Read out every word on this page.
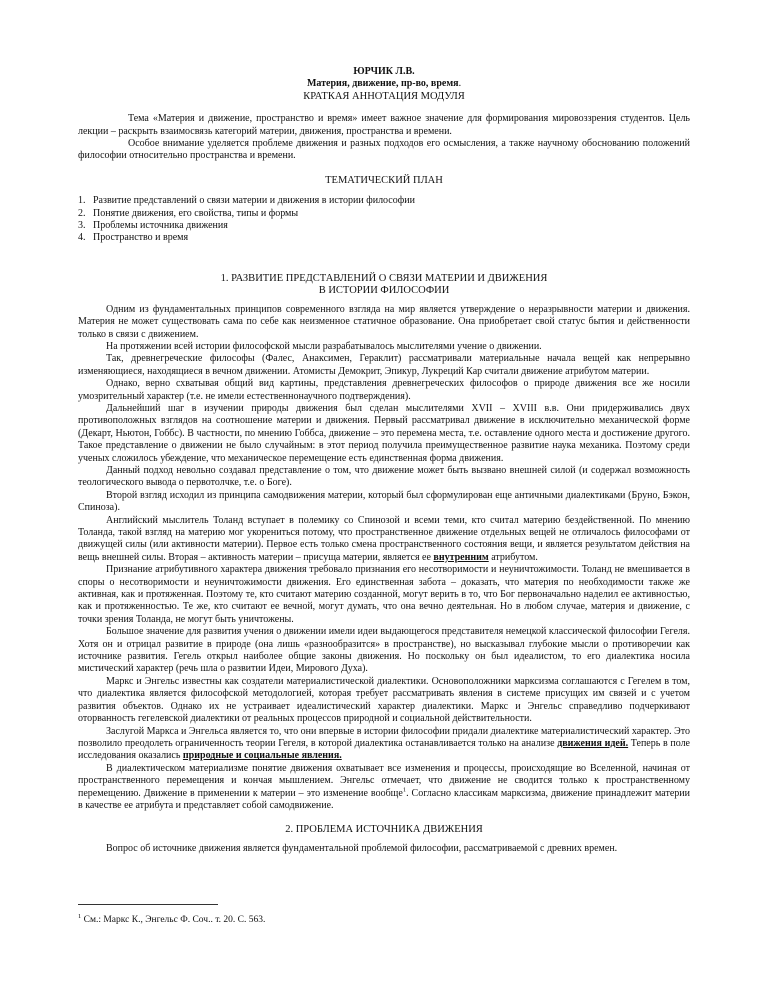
ЮРЧИК Л.В.
Материя, движение, пр-во, время.
КРАТКАЯ АННОТАЦИЯ МОДУЛЯ

Тема «Материя и движение, пространство и время» имеет важное значение для формирования мировоззрения студентов. Цель лекции – раскрыть взаимосвязь категорий материи, движения, пространства и времени.

Особое внимание уделяется проблеме движения и разных подходов его осмысления, а также научному обоснованию положений философии относительно пространства и времени.

ТЕМАТИЧЕСКИЙ ПЛАН
1. Развитие представлений о связи материи и движения в истории философии
2. Понятие движения, его свойства, типы и формы
3. Проблемы источника движения
4. Пространство и время
1. РАЗВИТИЕ ПРЕДСТАВЛЕНИЙ О СВЯЗИ МАТЕРИИ И ДВИЖЕНИЯ
В ИСТОРИИ ФИЛОСОФИИ

Одним из фундаментальных принципов современного взгляда на мир является утверждение о неразрывности материи и движения. Материя не может существовать сама по себе как неизменное статичное образование. Она приобретает свой статус бытия и действенности только в связи с движением.

На протяжении всей истории философской мысли разрабатывалось мыслителями учение о движении.

Так, древнегреческие философы (Фалес, Анаксимен, Гераклит) рассматривали материальные начала вещей как непрерывно изменяющиеся, находящиеся в вечном движении. Атомисты Демокрит, Эпикур, Лукреций Кар считали движение атрибутом материи.

Однако, верно схватывая общий вид картины, представления древнегреческих философов о природе движения все же носили умозрительный характер (т.е. не имели естественнонаучного подтверждения).

Дальнейший шаг в изучении природы движения был сделан мыслителями XVII – XVIII в.в. Они придерживались двух противоположных взглядов на соотношение материи и движения. Первый рассматривал движение в исключительно механической форме (Декарт, Ньютон, Гоббс). В частности, по мнению Гоббса, движение – это перемена места, т.е. оставление одного места и достижение другого. Такое представление о движении не было случайным: в этот период получила преимущественное развитие наука механика. Поэтому среди ученых сложилось убеждение, что механическое перемещение есть единственная форма движения.

Данный подход невольно создавал представление о том, что движение может быть вызвано внешней силой (и содержал возможность теологического вывода о первотолчке, т.е. о Боге).

Второй взгляд исходил из принципа самодвижения материи, который был сформулирован еще античными диалектиками (Бруно, Бэкон, Спиноза).

Английский мыслитель Толанд вступает в полемику со Спинозой и всеми теми, кто считал материю бездейственной. По мнению Толанда, такой взгляд на материю мог укорениться потому, что пространственное движение отдельных вещей не отличалось философами от движущей силы (или активности материи). Первое есть только смена пространственного состояния вещи, и является результатом действия на вещь внешней силы. Вторая – активность материи – присуща материи, является ее внутренним атрибутом.

Признание атрибутивного характера движения требовало признания его несотворимости и неуничтожимости. Толанд не вмешивается в споры о несотворимости и неуничтожимости движения. Его единственная забота – доказать, что материя по необходимости также же активная, как и протяженная. Поэтому те, кто считают материю созданной, могут верить в то, что Бог первоначально наделил ее активностью, как и протяженностью. Те же, кто считают ее вечной, могут думать, что она вечно деятельная. Но в любом случае, материя и движение, с точки зрения Толанда, не могут быть уничтожены.

Большое значение для развития учения о движении имели идеи выдающегося представителя немецкой классической философии Гегеля. Хотя он и отрицал развитие в природе (она лишь «разнообразится» в пространстве), но высказывал глубокие мысли о противоречии как источнике развития. Гегель открыл наиболее общие законы движения. Но поскольку он был идеалистом, то его диалектика носила мистический характер (речь шла о развитии Идеи, Мирового Духа).

Маркс и Энгельс известны как создатели материалистической диалектики. Основоположники марксизма соглашаются с Гегелем в том, что диалектика является философской методологией, которая требует рассматривать явления в системе присущих им связей и с учетом развития объектов. Однако их не устраивает идеалистический характер диалектики. Маркс и Энгельс справедливо подчеркивают оторванность гегелевской диалектики от реальных процессов природной и социальной действительности.

Заслугой Маркса и Энгельса является то, что они впервые в истории философии придали диалектике материалистический характер. Это позволило преодолеть ограниченность теории Гегеля, в которой диалектика останавливается только на анализе движения идей. Теперь в поле исследования оказались природные и социальные явления.

В диалектическом материализме понятие движения охватывает все изменения и процессы, происходящие во Вселенной, начиная от пространственного перемещения и кончая мышлением. Энгельс отмечает, что движение не сводится только к пространственному перемещению. Движение в применении к материи – это изменение вообще$^1$. Согласно классикам марксизма, движение принадлежит материи в качестве ее атрибута и представляет собой самодвижение.

2. ПРОБЛЕМА ИСТОЧНИКА ДВИЖЕНИЯ

Вопрос об источнике движения является фундаментальной проблемой философии, рассматриваемой с древних времен.

$^1$ См.: Маркс К., Энгельс Ф. Соч.. т. 20. С. 563.
